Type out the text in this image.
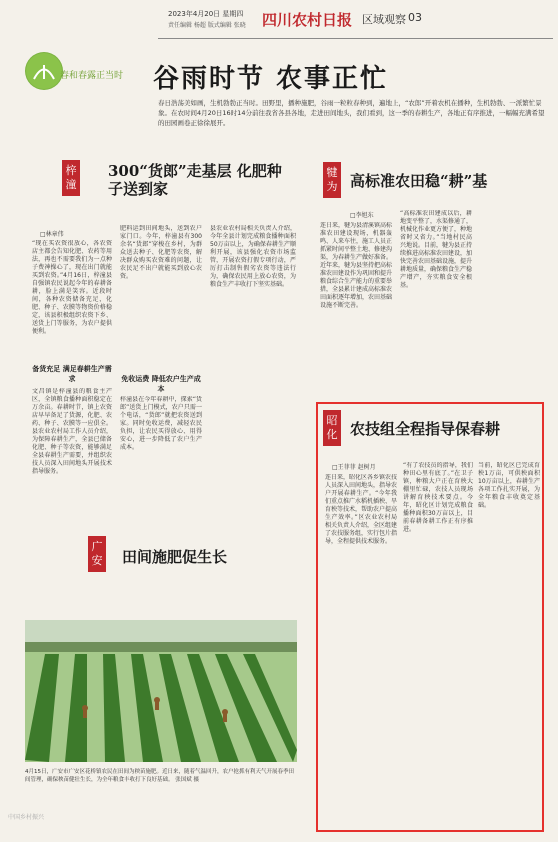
2023年4月20日 星期四
责任编辑 杨超 版式编辑 张晓 四川农村日报 区域观察 03
春和春露正当时 谷雨时节 农事正忙
春日浩荡美如画，生机勃勃正当时。田野里，播种施肥，谷雨一粒粒春种到，遍地上，“农郎”开着农机在播种，生机勃勃、一派繁忙景象。在农时间4月20日16时14分前往我省各县各地，走进田间地头，我们看到，这一季的春耕生产，各地正有序推进，一幅幅充满希望的田园画卷正徐徐展开。
梓潼
300“货郎”走基层 化肥种子送到家
□林章伟
“现在买农资很放心，各农资店主都会告知化肥、农药等用法，再也不需要我们为一点种子费神操心了，现在出门就能买到农资。”4月16日，梓潼县自强镇农民说起今年的春耕备耕，脸上满是笑容。近段时间，各种农资储备充足，化肥、种子、农膜等物资价格稳定，该县积极组织农资下乡、送货上门等服务，为农户提供便利。
备货充足 满足春耕生产需求
文昌镇是梓潼县的粮食主产区，全镇粮食播种面积稳定在万余亩。春耕时节，镇上农资店早早备足了货源，化肥、农药、种子、农膜等一应俱全。县农业农村局工作人员介绍，为保障春耕生产，全县已储备化肥、种子等农资，能够满足全县春耕生产需要，并组织农技人员深入田间地头开展技术指导服务。
肥料运到田间地头，送到农户家门口。今年，梓潼县有300余名“货郎”穿梭在乡村，为群众送去种子、化肥等农资，解决群众购买农资难的问题，让农民足不出户就能买到放心农资。
免收运费 降低农户生产成本
梓潼县在今年春耕中，探索“货郎”送货上门模式，农户只需一个电话，“货郎”就把农资送到家。同时免收运费，减轻农民负担，让农民买得放心、用得安心，进一步降低了农户生产成本。
县农业农村局相关负责人介绍，今年全县计划完成粮食播种面积50万亩以上，为确保春耕生产顺利开展，该县强化农资市场监管，开展农资打假专项行动，严厉打击制售假劣农资等违法行为，确保农民用上放心农资，为粮食生产丰收打下坚实基础。
犍为 高标准农田稳“耕”基
□李旭东
连日来，犍为县清溪镇高标准农田建设现场，机器轰鸣、人来车往，施工人员正抓紧时间平整土地、修建沟渠，为春耕生产做好准备。近年来，犍为县坚持把高标准农田建设作为巩固和提升粮食综合生产能力的重要举措，全县累计建成高标准农田面积逐年增加，农田基础设施不断完善。
“高标准农田建成以后，耕地变平整了，水渠修通了，机械化作业更方便了，种地省时又省力。”当地村民高兴地说。目前，犍为县正持续推进高标准农田建设，加快完善农田基础设施，提升耕地质量，确保粮食生产稳产增产，夯实粮食安全根基。
昭化 农技组全程指导保春耕
□王菲菲 赵树月
连日来，昭化区各乡镇农技人员深入田间地头，指导农户开展春耕生产。“今年我们重点推广水稻机插秧、旱育秧等技术，帮助农户提高生产效率。”区农业农村局相关负责人介绍，全区组建了农技服务组，实行包片指导，全程提供技术服务。
“有了农技员的指导，我们种田心里有底了。”在卫子镇，种粮大户正在育秧大棚里忙碌，农技人员现场讲解育秧技术要点。今年，昭化区计划完成粮食播种面积30万亩以上，目前春耕备耕工作正有序推进。
当前，昭化区已完成育秧1万亩，可供秧面积10万亩以上，春耕生产各项工作扎实开展，为全年粮食丰收奠定基础。
广安 田间施肥促生长
4月15日，广安市广安区花桥镇农民在田间为秧苗施肥。近日来，随着气温回升，农户抢抓有利天气开展春季田间管理，确保秧苗健壮生长，为全年粮食丰收打下良好基础。 张国斌 摄
中国乡村振兴
